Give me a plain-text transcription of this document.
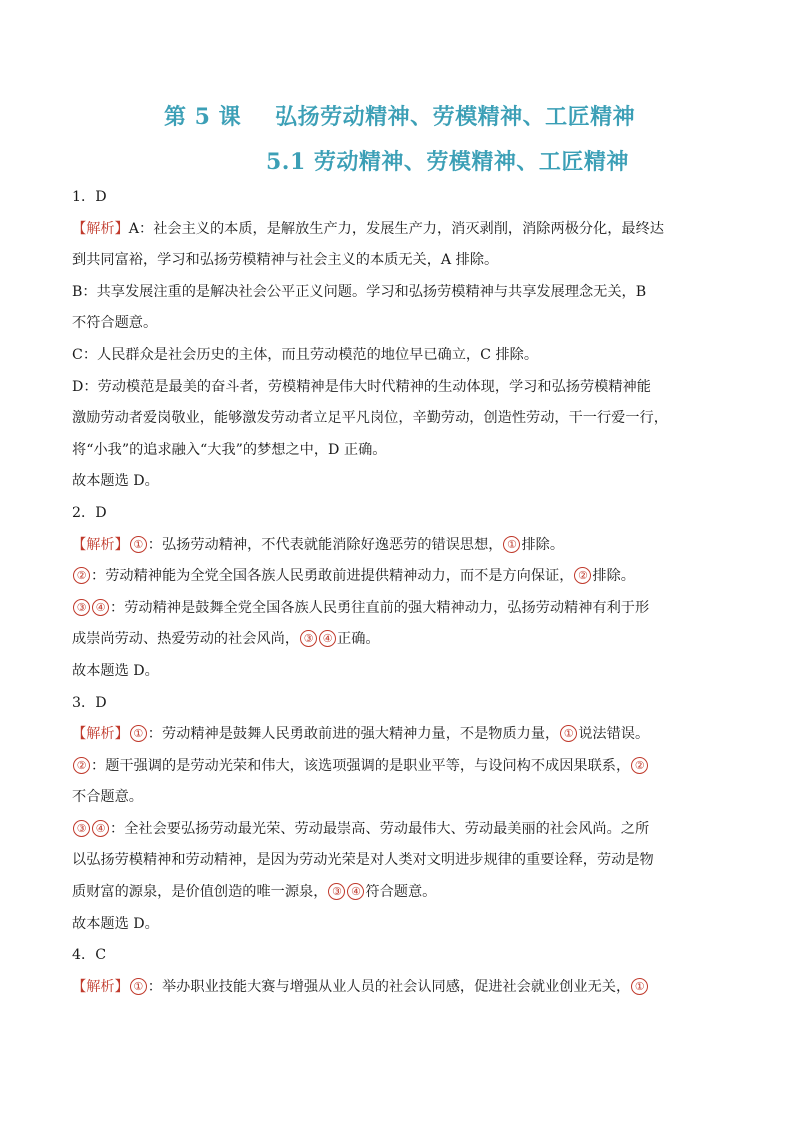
第 5 课 弘扬劳动精神、劳模精神、工匠精神
5.1 劳动精神、劳模精神、工匠精神
1．D
【解析】A：社会主义的本质，是解放生产力，发展生产力，消灭剥削，消除两极分化，最终达
到共同富裕，学习和弘扬劳模精神与社会主义的本质无关，A 排除。
B：共享发展注重的是解决社会公平正义问题。学习和弘扬劳模精神与共享发展理念无关，B
不符合题意。
C：人民群众是社会历史的主体，而且劳动模范的地位早已确立，C 排除。
D：劳动模范是最美的奋斗者，劳模精神是伟大时代精神的生动体现，学习和弘扬劳模精神能
激励劳动者爱岗敬业，能够激发劳动者立足平凡岗位，辛勤劳动，创造性劳动，干一行爱一行，
将“小我”的追求融入“大我”的梦想之中，D 正确。
故本题选 D。
2．D
【解析】 ① ：弘扬劳动精神，不代表就能消除好逸恶劳的错误思想， ① 排除。
② ：劳动精神能为全党全国各族人民勇敢前进提供精神动力，而不是方向保证， ② 排除。
③ ④ ：劳动精神是鼓舞全党全国各族人民勇往直前的强大精神动力，弘扬劳动精神有利于形
成崇尚劳动、热爱劳动的社会风尚， ③ ④ 正确。
故本题选 D。
3．D
【解析】 ① ：劳动精神是鼓舞人民勇敢前进的强大精神力量，不是物质力量， ① 说法错误。
② ：题干强调的是劳动光荣和伟大，该选项强调的是职业平等，与设问构不成因果联系， ②
不合题意。
③ ④ ：全社会要弘扬劳动最光荣、劳动最崇高、劳动最伟大、劳动最美丽的社会风尚。之所
以弘扬劳模精神和劳动精神，是因为劳动光荣是对人类对文明进步规律的重要诠释，劳动是物
质财富的源泉，是价值创造的唯一源泉， ③ ④ 符合题意。
故本题选 D。
4．C
【解析】 ① ：举办职业技能大赛与增强从业人员的社会认同感，促进社会就业创业无关， ①
